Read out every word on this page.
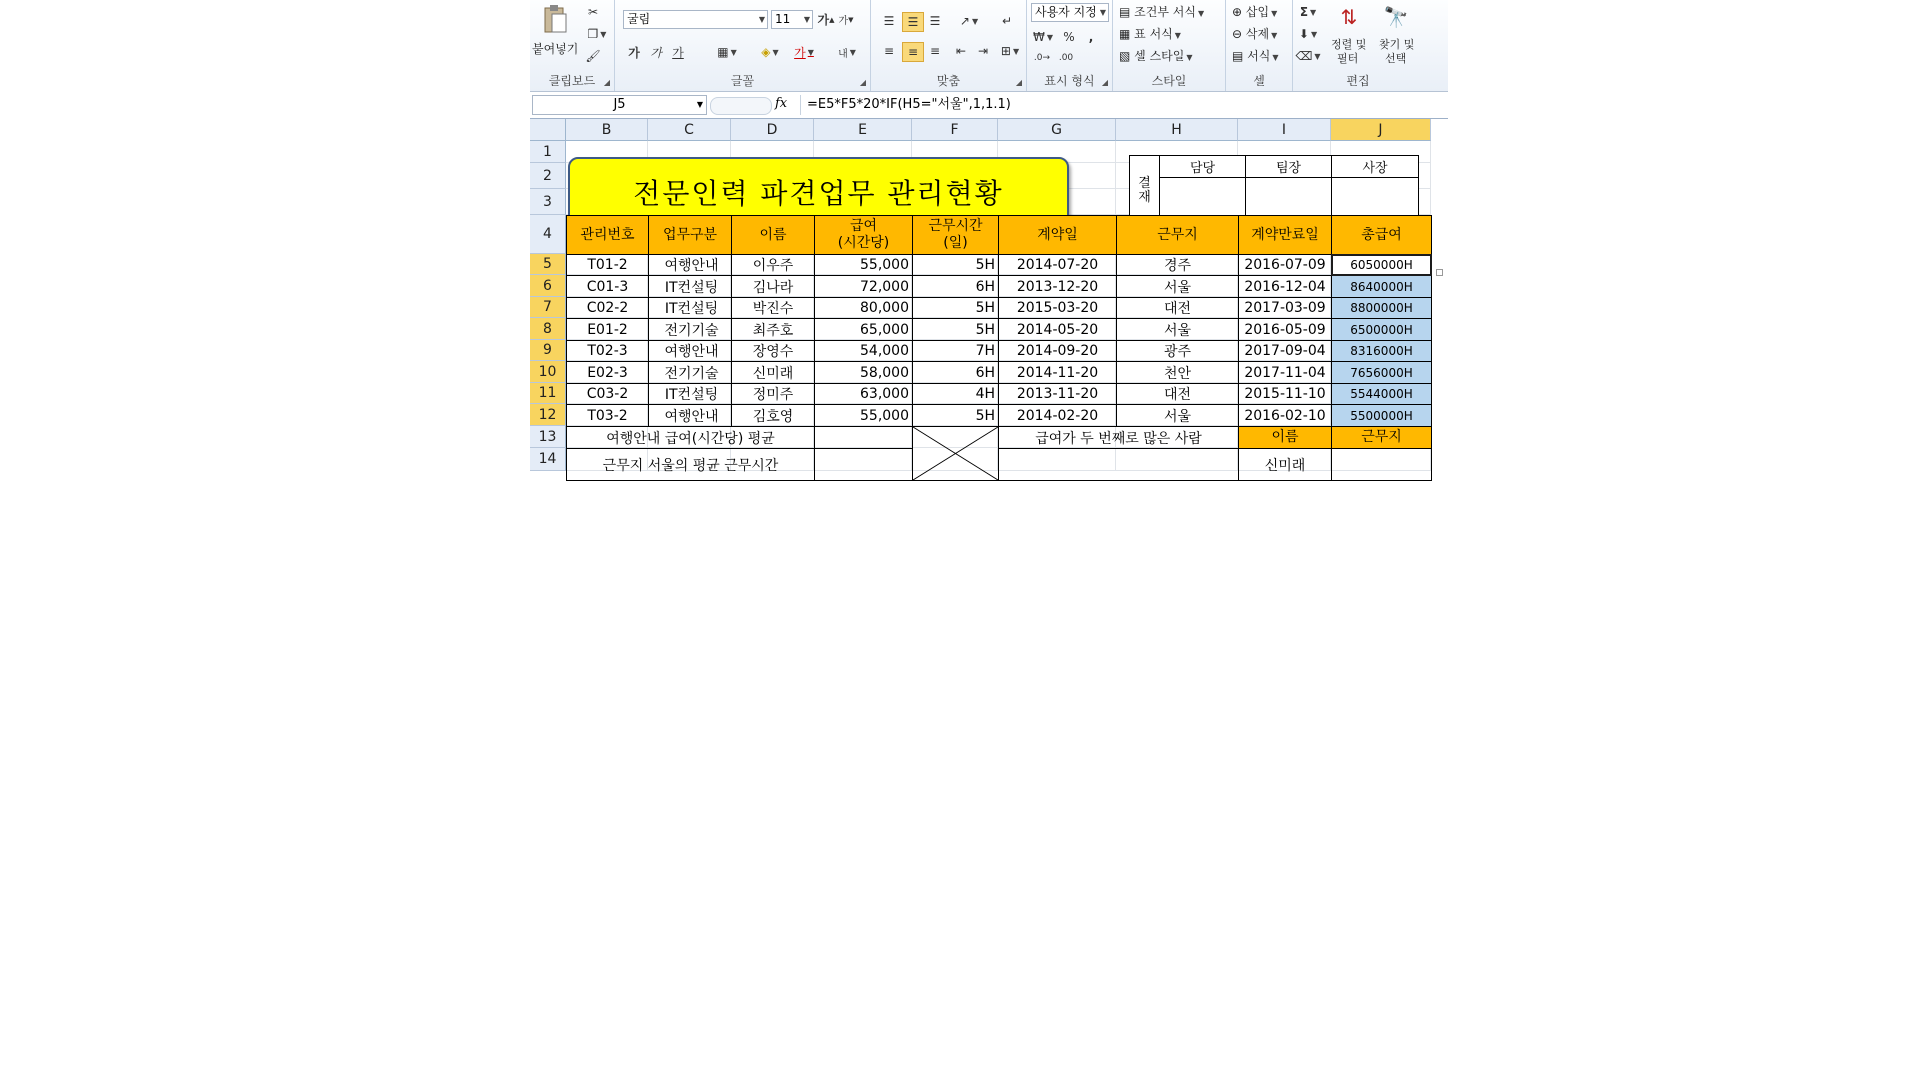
붙여넣기
✂
❐ ▼
🖌
클립보드	◢
굴림	▼ 11 ▼ 가 ▲ 가 ▼
가 가 가	▦ ▼	◈ ▼ 가 ▼ 내 ▼
글꼴	◢
☰	☰ ☰	↗ ▼	↵
≡	≡ ≡	⇤ ⇥	⊞ ▼
맞춤	◢
사용자 지정 ▼
₩ ▼ %	,
.0→ .00
표시 형식 ◢
▤ 조건부 서식 ▼
▦ 표 서식 ▼
▧ 셀 스타일 ▼
스타일
⊕ 삽입 ▼
⊖ 삭제 ▼
▤ 서식 ▼
셀
Σ ▼
⬇ ▼
⌫ ▼
⇅
정렬 및
필터
🔭
찾기 및
선택
편집
J5	▼	fx	=E5*F5*20*IF(H5="서울",1,1.1)
B	C	D	E	F	G	H	I	J
1
2
3
4
5
6
7
8
9
10
11
12
13
14
전문인력 파견업무 관리현황	결
재
담당	팀장	사장
관리번호	업무구분	이름
급여
(시간당)
근무시간
(일)
계약일	근무지	계약만료일	총급여
T01-2	여행안내	이우주	55,000	5H	2014-07-20	경주	2016-07-09	6050000H
C01-3	IT컨설팅	김나라	72,000	6H	2013-12-20	서울	2016-12-04	8640000H
C02-2	IT컨설팅	박진수	80,000	5H	2015-03-20	대전	2017-03-09	8800000H
E01-2	전기기술	최주호	65,000	5H	2014-05-20	서울	2016-05-09	6500000H
T02-3	여행안내	장영수	54,000	7H	2014-09-20	광주	2017-09-04	8316000H
E02-3	전기기술	신미래	58,000	6H	2014-11-20	천안	2017-11-04	7656000H
C03-2	IT컨설팅	정미주	63,000	4H	2013-11-20	대전	2015-11-10	5544000H
T03-2	여행안내	김호영	55,000	5H	2014-02-20	서울	2016-02-10	5500000H
여행안내 급여(시간당) 평균
근무지 서울의 평균 근무시간
급여가 두 번째로 많은 사람	이름	근무지
신미래
